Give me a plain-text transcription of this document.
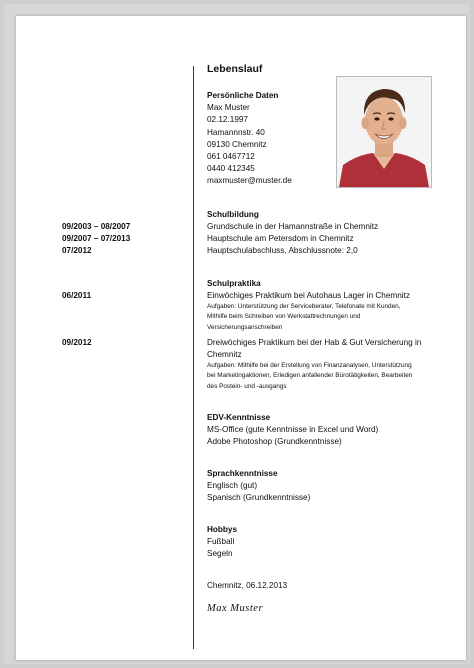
Lebenslauf
Persönliche Daten
Max Muster
02.12.1997
Hamannnstr. 40
09130 Chemnitz
061 0467712
0440 412345
maxmuster@muster.de
Schulbildung
09/2003 – 08/2007	Grundschule in der Hamannstraße in Chemnitz
09/2007 – 07/2013	Hauptschule am Petersdom in Chemnitz
07/2012	Hauptschulabschluss, Abschlussnote: 2,0
Schulpraktika
06/2011	Einwöchiges Praktikum bei Autohaus Lager in Chemnitz
Aufgaben: Unterstützung der Serviceberater, Telefonate mit Kunden, Mithilfe beim Schreiben von Werkstattrechnungen und Versicherungsanschreiben
09/2012	Dreiwöchiges Praktikum bei der Hab & Gut Versicherung in Chemnitz
Aufgaben: Mithilfe bei der Erstellung von Finanzanalysen, Unterstützung bei Marketingaktionen, Erledigen anfallender Bürotätigkeiten, Bearbeiten des Postein- und -ausgangs
EDV-Kenntnisse
MS-Office (gute Kenntnisse in Excel und Word)
Adobe Photoshop (Grundkenntnisse)
Sprachkenntnisse
Englisch (gut)
Spanisch (Grundkenntnisse)
Hobbys
Fußball
Segeln
Chemnitz, 06.12.2013
Max Muster
